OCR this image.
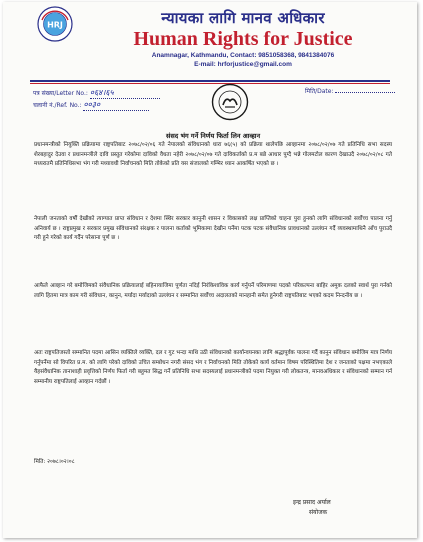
HRJ	न्यायका लागि मानव अधिकार
Human Rights for Justice
Anamnagar, Kathmandu, Contact: 9851058368, 9841384076
E-mail: hrforjustice@gmail.com
पत्र संख्या/Letter No.: ०६४।६५
चलानी नं./Ref. No.: ००३०
मिति/Date:
संसद भंग गर्ने निर्णय फिर्ता लिन आव्हान

प्रधानमन्त्रीको नियुक्ति प्रक्रियामा राष्ट्रपतिबाट २०७८/०२/०६ गते नेपालको संविधानको धारा ७६(५) को प्रक्रिया थालेपछि आव्हानमा २०७८/०२/०७ गते प्रतिनिधि सभा सदस्य शेरबहादुर देउवा र प्रधानमन्त्रीले दावि प्रस्तुत गरेकोमा दाविको वैधता नहेरी २०७८/०२/०७ गते दाविकर्ताको प्र.म बन्ने आधार पुग्दै भन्ने गोलमटोल कारण देखाउदै २०७८/०२/०८ गते मध्यरातमै प्रतिनिधिसभा भंग गरी मध्यावधी निर्वाचनको मिति तोकेको प्रति यस संजालको गम्भिर ध्यान आकर्षित भएको छ ।

नेपाली जनताको वर्षौ देखीको त्याग्यात प्राप्त संविधान र देशमा स्थिर सरकार कानुनी शासन र विकासको लक्ष प्राप्तिको चाहना पुरा हुनको लागि संविधानको सर्वोच्च पालना गर्नु अनिवार्य छ । राष्ट्रप्रमुख र सरकार प्रमुख संविधानको संरक्षक र पालना कर्ताको भूमिकामा देखीन पर्नेमा पटक पटक संवैधानिक प्रावधानको उल्लंघन गर्दै व्यवस्थामाथिनै आँच पुराउदै गरी हुने गरेको कार्य गर्दैन परेसाना पूर्ण छ ।

आफैले आव्हान गरे बमोजिमको संवैधानिक प्रक्रियालाई बहिनायाजिमा पूर्णता नदिई निरंकिशाविक कार्य गर्नुपर्ने परिमाणमा पदको परिकल्पना बाहिर अमुक दलको स्वार्थ पुरा गर्नको लागि हितमा मात्र काम गरी संविधान, कानुन, मर्यादा मर्यादाको उल्लंघन र सम्मानित सर्वोच्च अदालतको मानहानी समेत हुनेगरी राष्ट्रपतिबाट भएको कदम निन्दनीय छ ।

अतः राष्ट्रपतिजस्तो सम्मानित पदमा आसिन व्यक्तिले व्यक्ति, दल र गुट भन्दा माथि उठी संविधानको कार्यान्वयनका लागि श्रद्धापूर्वक पालना गर्दै कानुन संविधान बमोजिम मात्र निर्णय गर्नुपर्नेमा सो विपरित प्र.म. को लागि परेको दाविको उचित सम्बोधन नगरी संसद भंग र निर्वाचनको मिति तोकेको कार्य वर्तमान विषम परिस्थितिमा देश र जनताको पक्षमा नभएकाले यैहसंवैधानिक तानाशाही प्रवृत्तिको निर्णय फिर्ता गरी बहुमत सिद्ध गर्ने प्रतिनिधि सभा सदस्यलाई प्रधानमन्त्रीको पदमा नियुक्त गरी लोकतन्त्र, मानवअधिकार र संविधानको सम्मान गर्न सम्मानीय राष्ट्रपतिलाई आव्हान गर्दछौं ।

मिति: २०७८।०२।०८
इन्द्र प्रसाद अर्याल
संयोजक
